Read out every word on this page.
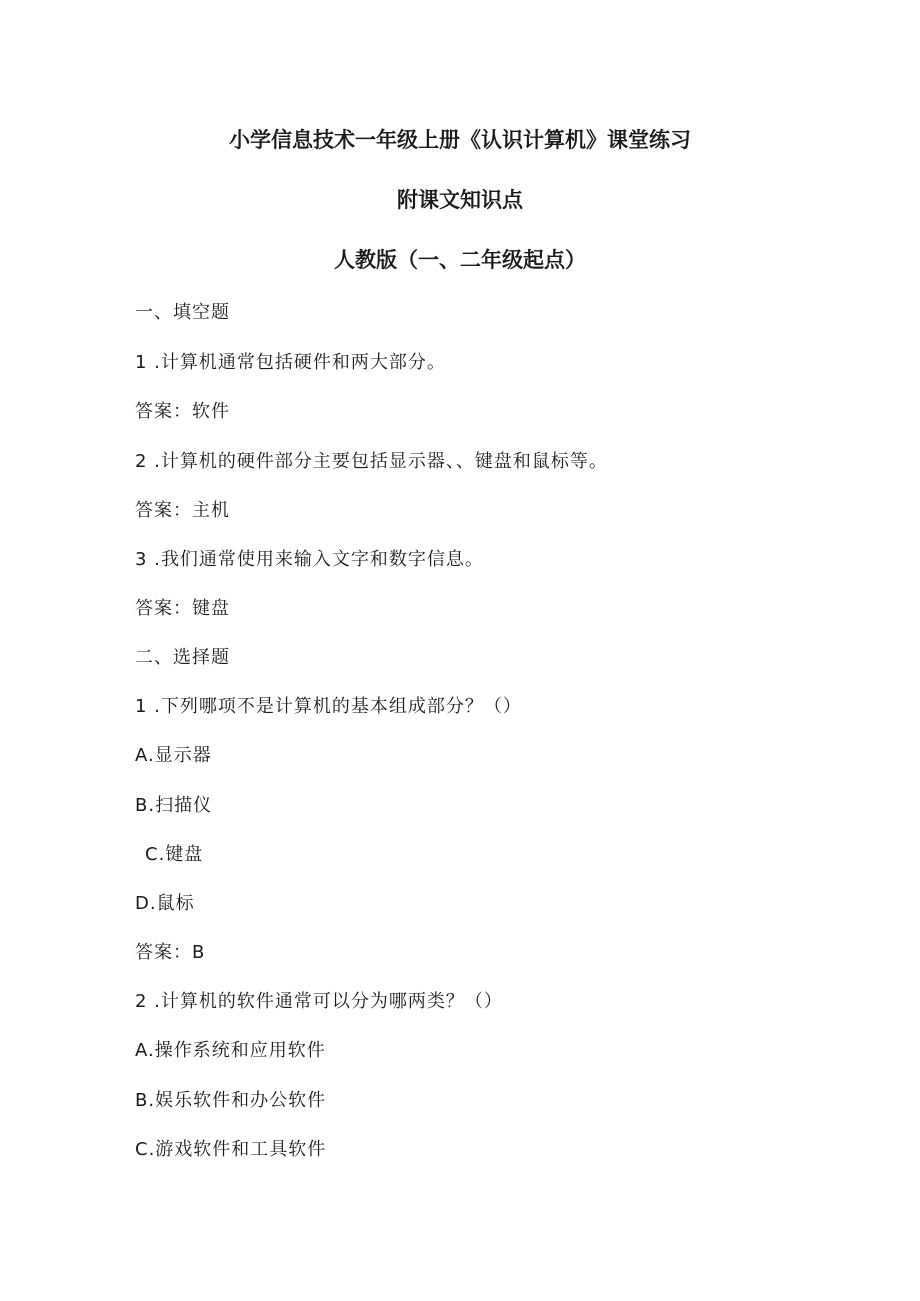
小学信息技术一年级上册《认识计算机》课堂练习
附课文知识点
人教版（一、二年级起点）

一、填空题

1 .计算机通常包括硬件和两大部分。

答案：软件

2 .计算机的硬件部分主要包括显示器、、键盘和鼠标等。

答案：主机

3 .我们通常使用来输入文字和数字信息。

答案：键盘

二、选择题

1 .下列哪项不是计算机的基本组成部分？（）

A.显示器

B.扫描仪

C.键盘

D.鼠标

答案：B

2 .计算机的软件通常可以分为哪两类？（）

A.操作系统和应用软件

B.娱乐软件和办公软件

C.游戏软件和工具软件
